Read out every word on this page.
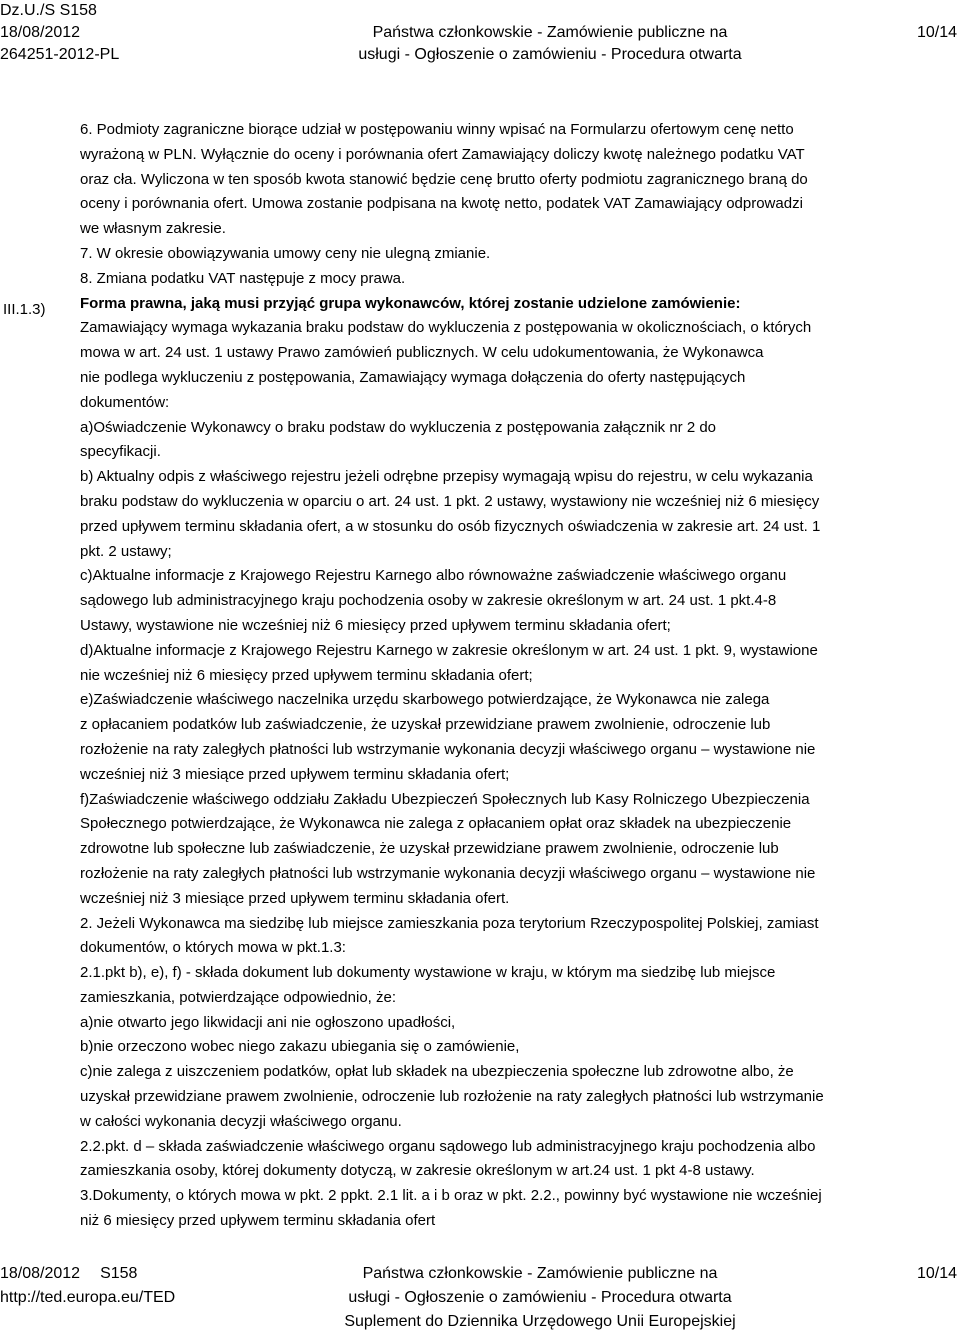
Dz.U./S S158
18/08/2012
264251-2012-PL
Państwa członkowskie - Zamówienie publiczne na
usługi - Ogłoszenie o zamówieniu - Procedura otwarta
10/14
III.1.3)

6. Podmioty zagraniczne biorące udział w postępowaniu winny wpisać na Formularzu ofertowym cenę netto

wyrażoną w PLN. Wyłącznie do oceny i porównania ofert Zamawiający doliczy kwotę należnego podatku VAT

oraz cła. Wyliczona w ten sposób kwota stanowić będzie cenę brutto oferty podmiotu zagranicznego braną do

oceny i porównania ofert. Umowa zostanie podpisana na kwotę netto, podatek VAT Zamawiający odprowadzi

we własnym zakresie.

7. W okresie obowiązywania umowy ceny nie ulegną zmianie.

8. Zmiana podatku VAT następuje z mocy prawa.

Forma prawna, jaką musi przyjąć grupa wykonawców, której zostanie udzielone zamówienie:

Zamawiający wymaga wykazania braku podstaw do wykluczenia z postępowania w okolicznościach, o których

mowa w art. 24 ust. 1 ustawy Prawo zamówień publicznych. W celu udokumentowania, że Wykonawca

nie podlega wykluczeniu z postępowania, Zamawiający wymaga dołączenia do oferty następujących

dokumentów:

a)Oświadczenie Wykonawcy o braku podstaw do wykluczenia z postępowania załącznik nr 2 do

specyfikacji.

b) Aktualny odpis z właściwego rejestru jeżeli odrębne przepisy wymagają wpisu do rejestru, w celu wykazania

braku podstaw do wykluczenia w oparciu o art. 24 ust. 1 pkt. 2 ustawy, wystawiony nie wcześniej niż 6 miesięcy

przed upływem terminu składania ofert, a w stosunku do osób fizycznych oświadczenia w zakresie art. 24 ust. 1

pkt. 2 ustawy;

c)Aktualne informacje z Krajowego Rejestru Karnego albo równoważne zaświadczenie właściwego organu

sądowego lub administracyjnego kraju pochodzenia osoby w zakresie określonym w art. 24 ust. 1 pkt.4-8

Ustawy, wystawione nie wcześniej niż 6 miesięcy przed upływem terminu składania ofert;

d)Aktualne informacje z Krajowego Rejestru Karnego w zakresie określonym w art. 24 ust. 1 pkt. 9, wystawione

nie wcześniej niż 6 miesięcy przed upływem terminu składania ofert;

e)Zaświadczenie właściwego naczelnika urzędu skarbowego potwierdzające, że Wykonawca nie zalega

z opłacaniem podatków lub zaświadczenie, że uzyskał przewidziane prawem zwolnienie, odroczenie lub

rozłożenie na raty zaległych płatności lub wstrzymanie wykonania decyzji właściwego organu – wystawione nie

wcześniej niż 3 miesiące przed upływem terminu składania ofert;

f)Zaświadczenie właściwego oddziału Zakładu Ubezpieczeń Społecznych lub Kasy Rolniczego Ubezpieczenia

Społecznego potwierdzające, że Wykonawca nie zalega z opłacaniem opłat oraz składek na ubezpieczenie

zdrowotne lub społeczne lub zaświadczenie, że uzyskał przewidziane prawem zwolnienie, odroczenie lub

rozłożenie na raty zaległych płatności lub wstrzymanie wykonania decyzji właściwego organu – wystawione nie

wcześniej niż 3 miesiące przed upływem terminu składania ofert.

2. Jeżeli Wykonawca ma siedzibę lub miejsce zamieszkania poza terytorium Rzeczypospolitej Polskiej, zamiast

dokumentów, o których mowa w pkt.1.3:

2.1.pkt b), e), f) - składa dokument lub dokumenty wystawione w kraju, w którym ma siedzibę lub miejsce

zamieszkania, potwierdzające odpowiednio, że:

a)nie otwarto jego likwidacji ani nie ogłoszono upadłości,

b)nie orzeczono wobec niego zakazu ubiegania się o zamówienie,

c)nie zalega z uiszczeniem podatków, opłat lub składek na ubezpieczenia społeczne lub zdrowotne albo, że

uzyskał przewidziane prawem zwolnienie, odroczenie lub rozłożenie na raty zaległych płatności lub wstrzymanie

w całości wykonania decyzji właściwego organu.

2.2.pkt. d – składa zaświadczenie właściwego organu sądowego lub administracyjnego kraju pochodzenia albo

zamieszkania osoby, której dokumenty dotyczą, w zakresie określonym w art.24 ust. 1 pkt 4-8 ustawy.

3.Dokumenty, o których mowa w pkt. 2 ppkt. 2.1 lit. a i b oraz w pkt. 2.2., powinny być wystawione nie wcześniej

niż 6 miesięcy przed upływem terminu składania ofert

18/08/2012 S158
http://ted.europa.eu/TED
Państwa członkowskie - Zamówienie publiczne na
usługi - Ogłoszenie o zamówieniu - Procedura otwarta
Suplement do Dziennika Urzędowego Unii Europejskiej
10/14
